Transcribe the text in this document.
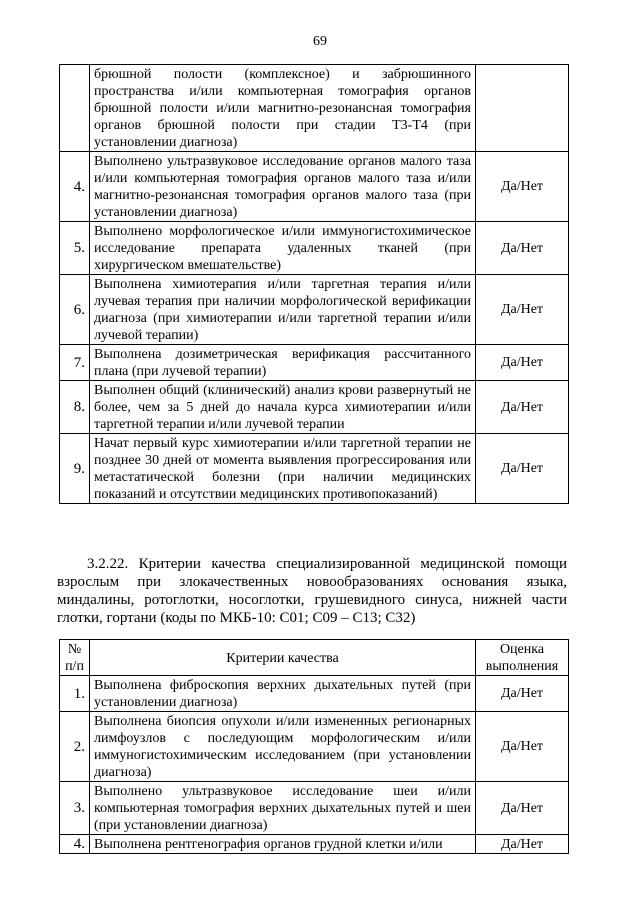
69
	брюшной полости (комплексное) и забрюшинного пространства и/или компьютерная томография органов брюшной полости и/или магнитно-резонансная томография органов брюшной полости при стадии T3-T4 (при установлении диагноза)	
4.	Выполнено ультразвуковое исследование органов малого таза и/или компьютерная томография органов малого таза и/или магнитно-резонансная томография органов малого таза (при установлении диагноза)	Да/Нет
5.	Выполнено морфологическое и/или иммуногистохимическое исследование препарата удаленных тканей (при хирургическом вмешательстве)	Да/Нет
6.	Выполнена химиотерапия и/или таргетная терапия и/или лучевая терапия при наличии морфологической верификации диагноза (при химиотерапии и/или таргетной терапии и/или лучевой терапии)	Да/Нет
7.	Выполнена дозиметрическая верификация рассчитанного плана (при лучевой терапии)	Да/Нет
8.	Выполнен общий (клинический) анализ крови развернутый не более, чем за 5 дней до начала курса химиотерапии и/или таргетной терапии и/или лучевой терапии	Да/Нет
9.	Начат первый курс химиотерапии и/или таргетной терапии не позднее 30 дней от момента выявления прогрессирования или метастатической болезни (при наличии медицинских показаний и отсутствии медицинских противопоказаний)	Да/Нет
3.2.22. Критерии качества специализированной медицинской помощи взрослым при злокачественных новообразованиях основания языка, миндалины, ротоглотки, носоглотки, грушевидного синуса, нижней части глотки, гортани (коды по МКБ-10: C01; C09 – C13; C32)
№ п/п	Критерии качества	Оценка выполнения
1.	Выполнена фиброскопия верхних дыхательных путей (при установлении диагноза)	Да/Нет
2.	Выполнена биопсия опухоли и/или измененных регионарных лимфоузлов с последующим морфологическим и/или иммуногистохимическим исследованием (при установлении диагноза)	Да/Нет
3.	Выполнено ультразвуковое исследование шеи и/или компьютерная томография верхних дыхательных путей и шеи (при установлении диагноза)	Да/Нет
4.	Выполнена рентгенография органов грудной клетки и/или	Да/Нет
